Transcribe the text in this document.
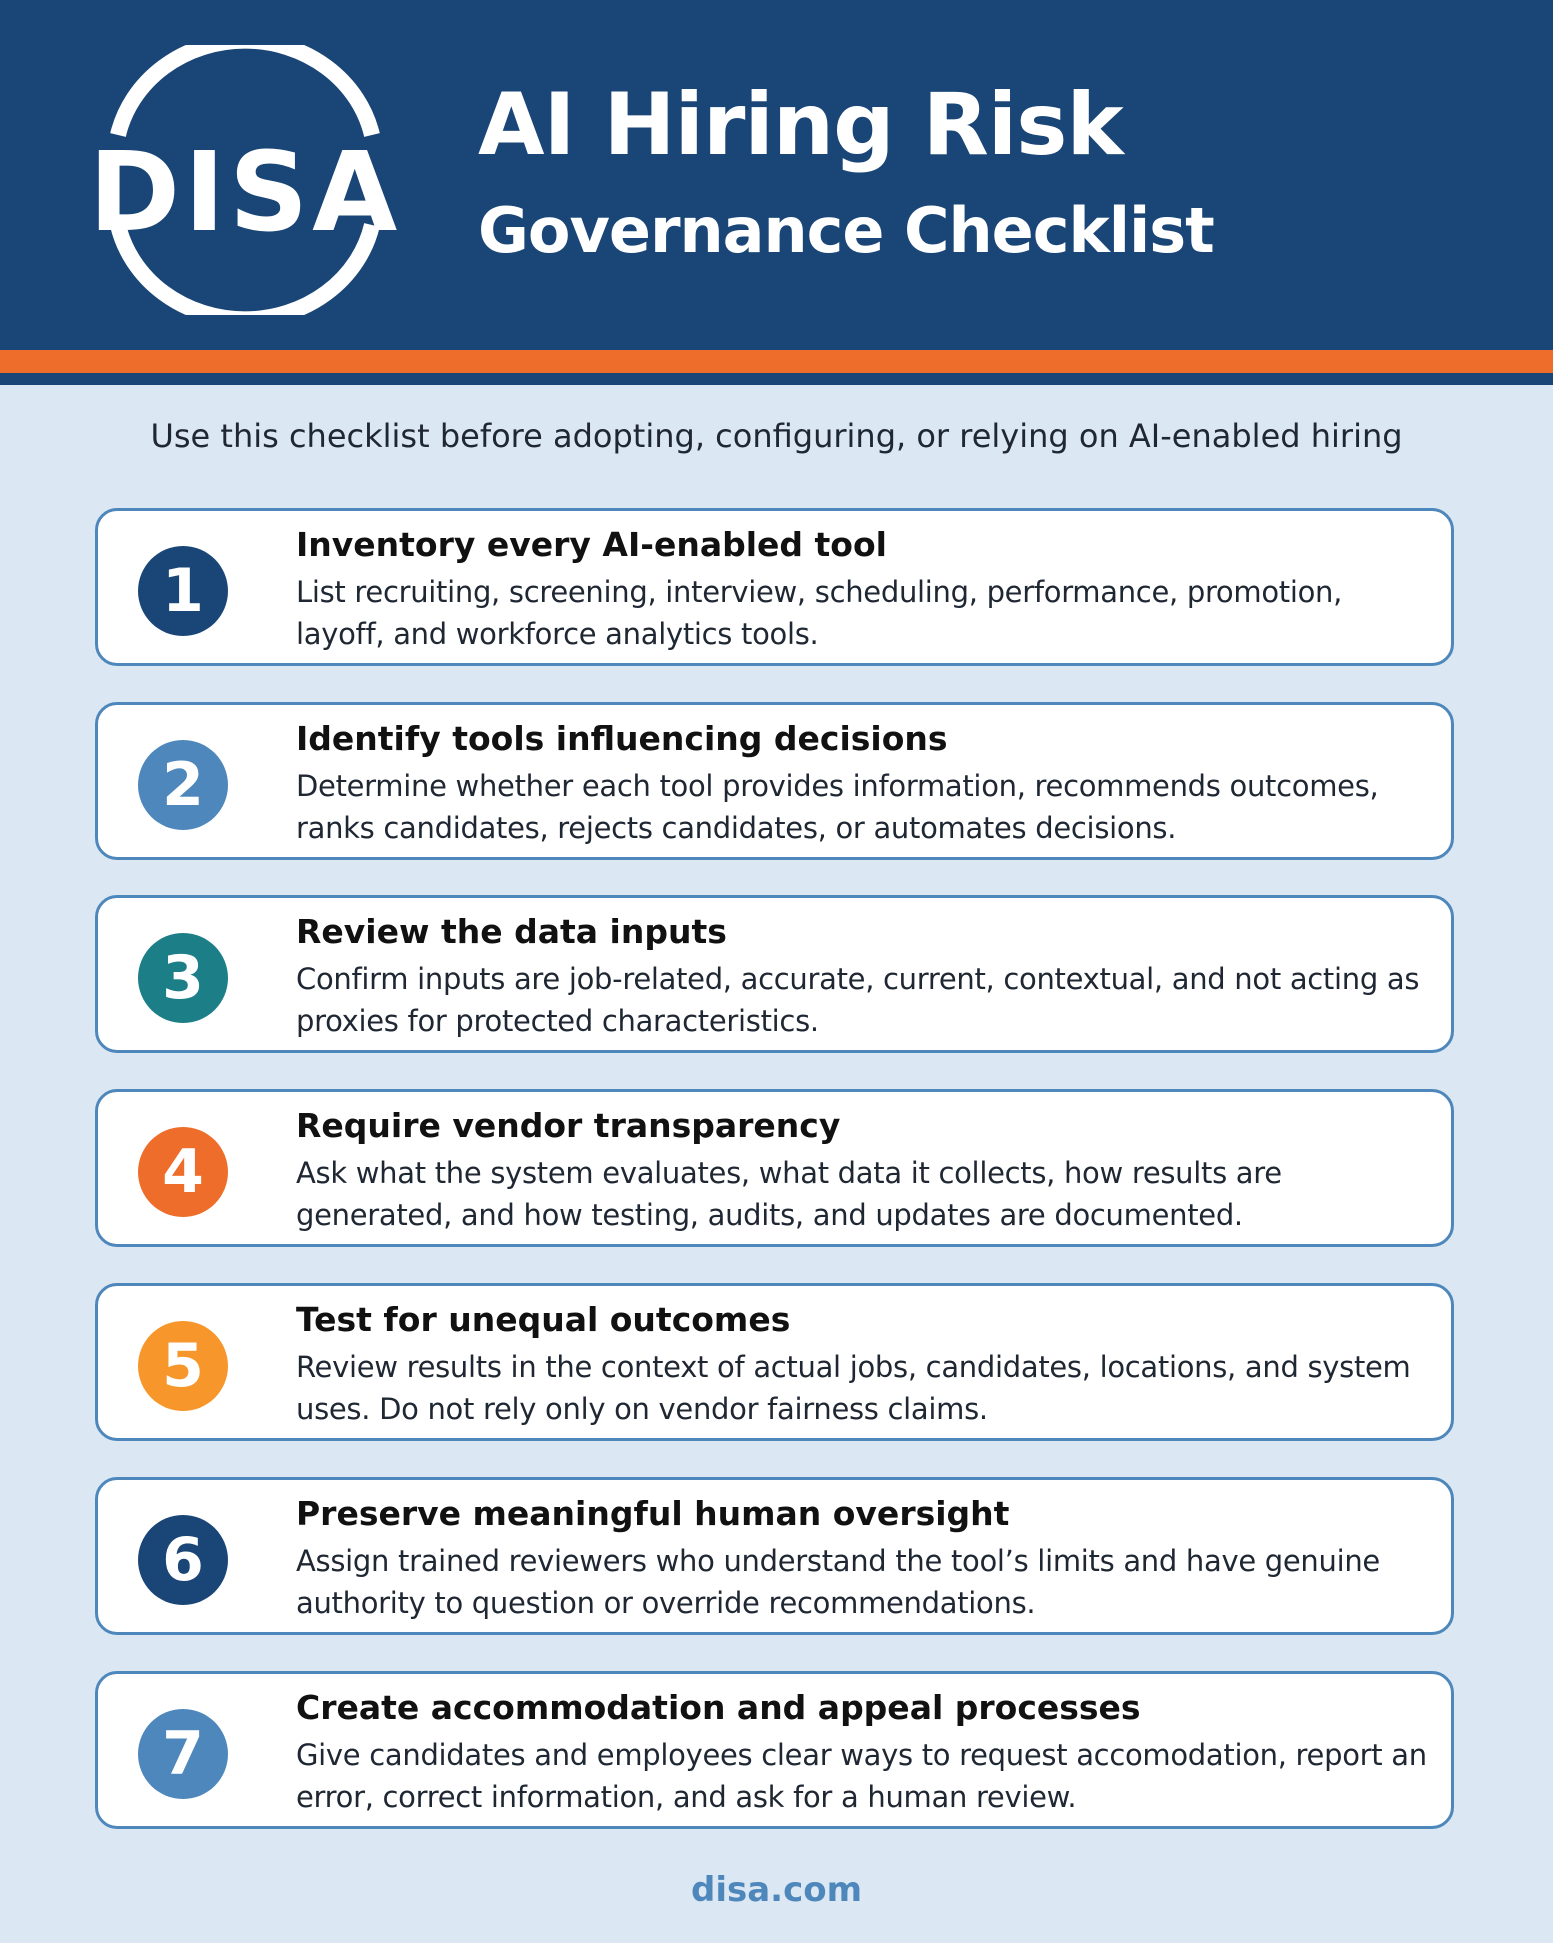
DISA
AI Hiring Risk
Governance Checklist
Use this checklist before adopting, configuring, or relying on AI-enabled hiring
1
Inventory every AI-enabled tool
List recruiting, screening, interview, scheduling, performance, promotion, layoff, and workforce analytics tools.
2
Identify tools influencing decisions
Determine whether each tool provides information, recommends outcomes, ranks candidates, rejects candidates, or automates decisions.
3
Review the data inputs
Confirm inputs are job-related, accurate, current, contextual, and not acting as proxies for protected characteristics.
4
Require vendor transparency
Ask what the system evaluates, what data it collects, how results are generated, and how testing, audits, and updates are documented.
5
Test for unequal outcomes
Review results in the context of actual jobs, candidates, locations, and system uses. Do not rely only on vendor fairness claims.
6
Preserve meaningful human oversight
Assign trained reviewers who understand the tool’s limits and have genuine authority to question or override recommendations.
7
Create accommodation and appeal processes
Give candidates and employees clear ways to request accomodation, report an error, correct information, and ask for a human review.
disa.com
